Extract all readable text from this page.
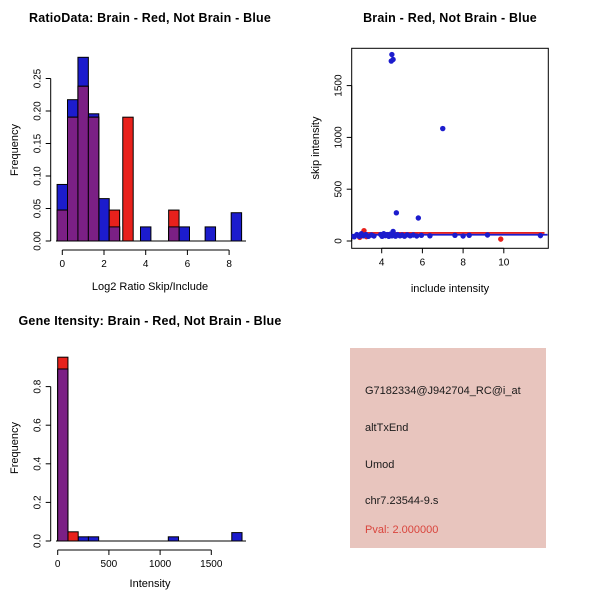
0.00
0.05
0.10
0.15
0.20
0.25
0	2	4	6	8
0
500
1000
1500
4	6	8	10
0.0
0.2
0.4
0.6
0.8
0	500	1000	1500
RatioData: Brain - Red, Not Brain - Blue	Brain - Red, Not Brain - Blue
Gene Itensity: Brain - Red, Not Brain - Blue
Log2 Ratio Skip/Include
Frequency
include intensity
skip intensity
Intensity
Frequency
G7182334@J942704_RC@i_at
altTxEnd
Umod
chr7.23544-9.s
Pval: 2.000000
